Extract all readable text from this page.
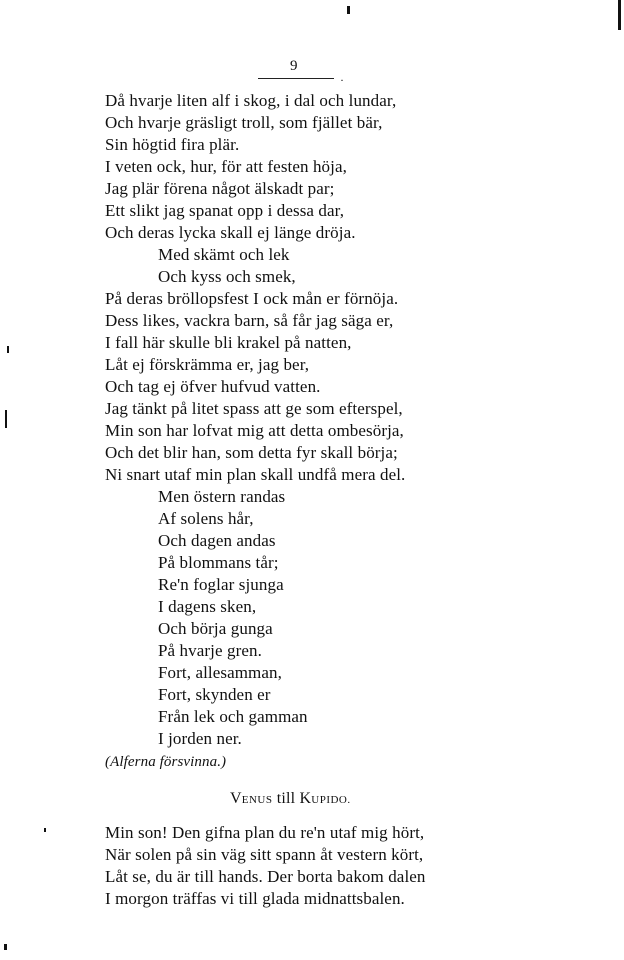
9
·
Då hvarje liten alf i skog, i dal och lundar,
Och hvarje gräsligt troll, som fjället bär,
Sin högtid fira plär.
I veten ock, hur, för att festen höja,
Jag plär förena något älskadt par;
Ett slikt jag spanat opp i dessa dar,
Och deras lycka skall ej länge dröja.
Med skämt och lek
Och kyss och smek,
På deras bröllopsfest I ock mån er förnöja.
Dess likes, vackra barn, så får jag säga er,
I fall här skulle bli krakel på natten,
Låt ej förskrämma er, jag ber,
Och tag ej öfver hufvud vatten.
Jag tänkt på litet spass att ge som efterspel,
Min son har lofvat mig att detta ombesörja,
Och det blir han, som detta fyr skall börja;
Ni snart utaf min plan skall undfå mera del.
Men östern randas
Af solens hår,
Och dagen andas
På blommans tår;
Re'n foglar sjunga
I dagens sken,
Och börja gunga
På hvarje gren.
Fort, allesamman,
Fort, skynden er
Från lek och gamman
I jorden ner.
(Alferna försvinna.)
VENUS till KUPIDO.
Min son! Den gifna plan du re'n utaf mig hört,
När solen på sin väg sitt spann åt vestern kört,
Låt se, du är till hands. Der borta bakom dalen
I morgon träffas vi till glada midnattsbalen.
